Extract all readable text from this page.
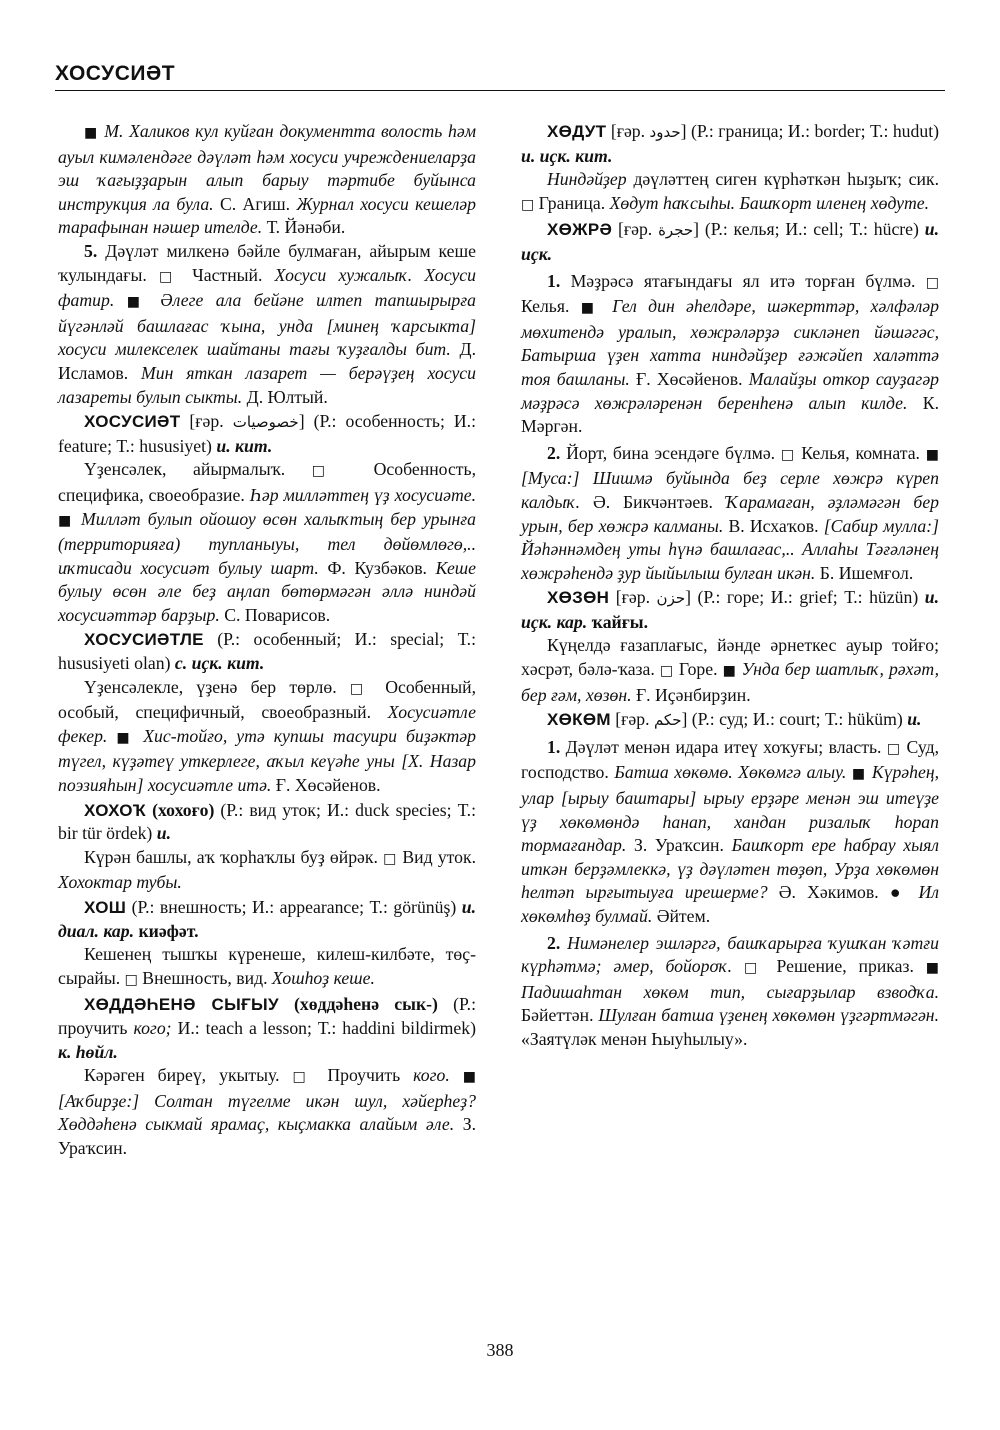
ХОСУСИӘТ

■ М. Халиков кул куйған документта волость һәм ауыл кимәлендәге дәүләт һәм хосуси учреждениеларҙа эш ҡағыҙҙарын алып барыу тәртибе буйынса инструкция ла була. С. Агиш. Журнал хосуси кешеләр тарафынан нәшер ителде. Т. Йәнәби.

5. Дәүләт милкенә бәйле булмаған, айырым кеше ҡулындағы. □ Частный. Хосуси хужалыҡ. Хосуси фатир. ■ Әлеге ала бейәне илтеп тапшырырға йүгәнләй башлағас ҡына, унда [минең ҡарсыкта] хосуси милекселек шайтаны тағы ҡуҙғалды бит. Д. Исламов. Мин яткан лазарет — берәүҙең хосуси лазареты булып сыкты. Д. Юлтый.

ХОСУСИӘТ [ғәр. خصوصيات] (Р.: особенность; И.: feature; Т.: hususiyet) и. кит.

Үҙенсәлек, айырмалыҡ. □ Особенность, специфика, своеобразие. Һәр милләттең үҙ хосусиәте. ■ Милләт булып ойошоу өсөн халыҡтың бер урынға (территорияға) тупланыуы, тел дөйөмлөгө,.. иҡтисади хосусиәт булыу шарт. Ф. Кузбәков. Кеше булыу өсөн әле беҙ аңлап бөтөрмәгән әллә ниндәй хосусиәттәр барҙыр. С. Поварисов.

ХОСУСИӘТЛЕ (Р.: особенный; И.: special; Т.: hususiyeti olan) с. иҫк. кит.

Үҙенсәлекле, үҙенә бер төрлө. □ Особенный, особый, специфичный, своеобразный. Хосусиәтле фекер. ■ Хис-тойғо, утә купшы тасуири биҙәктәр түгел, күҙәтеү уткерлеге, аҡыл кеүәһе уны [Х. Назар поэзияһын] хосусиәтле итә. Ғ. Хөсәйенов.

ХОХОҠ (хохоғо) (Р.: вид уток; И.: duck species; Т.: bir tür ördek) и.

Күрән башлы, аҡ ҡорһаҡлы буҙ өйрәк. □ Вид уток. Хохоктар тубы.

ХОШ (Р.: внешность; И.: appearance; Т.: görünüş) и. диал. кар. киәфәт.

Кешенең тышҡы күренеше, килеш-килбәте, төҫ-сырайы. □ Внешность, вид. Хошһоҙ кеше.

ХӨДДӘҺЕНӘ СЫҒЫУ (хөддәһенә сык-) (Р.: проучить кого; И.: teach a lesson; Т.: haddini bildirmek) к. һөйл.

Кәрәген биреү, укытыу. □ Проучить кого. ■ [Аҡбирҙе:] Солтан түгелме икән шул, хәйерһеҙ? Хөддәһенә сыкмай ярамаҫ, кыҫмакка алайым әле. З. Ураҡсин.

ХӨДУТ [ғәр. حدود] (Р.: граница; И.: border; Т.: hudut) и. иҫк. кит.

Ниндәйҙер дәүләттең сиген күрһәткән һыҙыҡ; сик. □ Граница. Хөдут һаҡсыһы. Башҡорт иленең хөдуте.

ХӨЖРӘ [ғәр. حجرة] (Р.: келья; И.: cell; Т.: hücre) и. иҫк.

1. Мәҙрәсә ятағындағы ял итә торған бүлмә. □ Келья. ■ Гел дин әһелдәре, шәкерттәр, хәлфәләр мөхитендә уралып, хөжрәләрҙә сикләнеп йәшәгәс, Батырша үҙен хатта ниндәйҙер ғәжәйеп халәттә тоя башланы. Ғ. Хөсәйенов. Малайҙы откор сауҙагәр мәҙрәсә хөжрәләренән беренһенә алып килде. К. Мәргән.

2. Йорт, бина эсендәге бүлмә. □ Келья, комната. ■ [Муса:] Шишмә буйында беҙ серле хөжрә күреп калдыҡ. Ә. Бикчәнтәев. Ҡарамаған, әҙләмәгән бер урын, бер хөжрә калманы. В. Исхаҡов. [Сабир мулла:] Йәһәннәмдең уты һүнә башлағас,.. Аллаһы Тәғәләнең хөжрәһендә ҙур йыйылыш булған икән. Б. Ишемғол.

ХӨЗӨН [ғәр. حزن] (Р.: горе; И.: grief; Т.: hüzün) и. иҫк. кар. ҡайғы.

Күңелдә ғазаплағыс, йәнде әрнеткес ауыр тойғо; хәсрәт, бәлә-ҡаза. □ Горе. ■ Унда бер шатлыҡ, рәхәт, бер ғәм, хөзөн. Ғ. Иҫәнбирҙин.

ХӨКӨМ [ғәр. حكم] (Р.: суд; И.: court; Т.: hüküm) и.

1. Дәүләт менән идара итеү хоҡуғы; власть. □ Суд, господство. Батша хөкөмө. Хөкөмгә алыу. ■ Күрәһең, улар [ырыу баштары] ырыу ерҙәре менән эш итеүҙе үҙ хөкөмөндә һанап, хандан ризалыҡ һорап тормағандар. З. Ураҡсин. Башҡорт ере һабрау хыял иткән берҙәмлеккә, үҙ дәүләтен төҙөп, Урҙа хөкөмөн һелтәп ырғытыуға ирешерме? Ә. Хәкимов. ● Ил хөкөмһөҙ булмай. Әйтем.

2. Нимәнелер эшләргә, башҡарырға ҡушҡан ҡәтғи күрһәтмә; әмер, бойороҡ. □ Решение, приказ. ■ Падишаһтан хөкөм тип, сығарҙылар взводҡа. Бәйеттән. Шулған батша үҙенең хөкөмөн үҙгәртмәгән. «Заятүләк менән Һыуһылыу».

388
